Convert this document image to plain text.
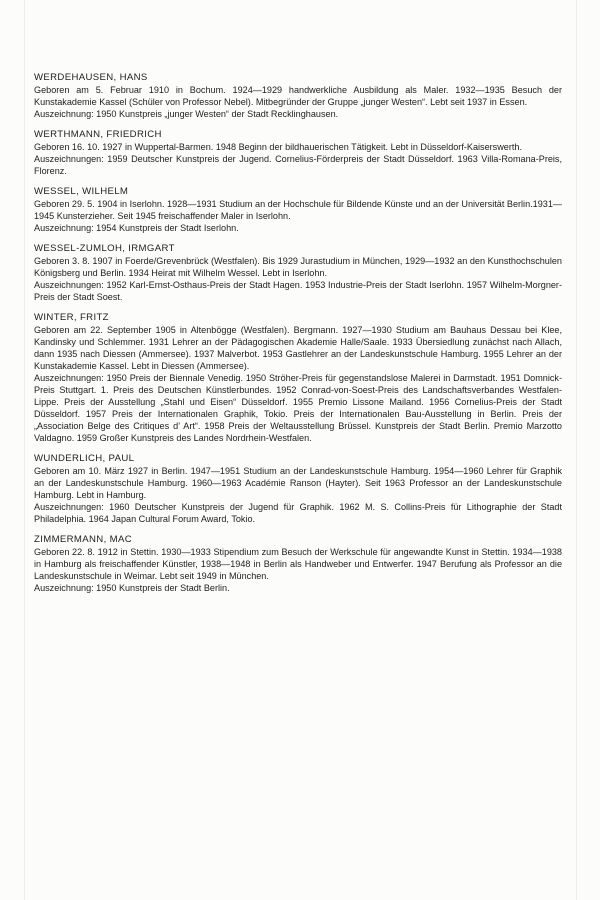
WERDEHAUSEN, HANS
Geboren am 5. Februar 1910 in Bochum. 1924—1929 handwerkliche Ausbildung als Maler. 1932—1935 Besuch der Kunstakademie Kassel (Schüler von Professor Nebel). Mitbegründer der Gruppe „junger Westen“. Lebt seit 1937 in Essen.
Auszeichnung: 1950 Kunstpreis „junger Westen“ der Stadt Recklinghausen.
WERTHMANN, FRIEDRICH
Geboren 16. 10. 1927 in Wuppertal-Barmen. 1948 Beginn der bildhauerischen Tätigkeit. Lebt in Düsseldorf-Kaiserswerth.
Auszeichnungen: 1959 Deutscher Kunstpreis der Jugend. Cornelius-Förderpreis der Stadt Düsseldorf. 1963 Villa-Romana-Preis, Florenz.
WESSEL, WILHELM
Geboren 29. 5. 1904 in Iserlohn. 1928—1931 Studium an der Hochschule für Bildende Künste und an der Universität Berlin.1931—1945 Kunsterzieher. Seit 1945 freischaffender Maler in Iserlohn.
Auszeichnung: 1954 Kunstpreis der Stadt Iserlohn.
WESSEL-ZUMLOH, IRMGART
Geboren 3. 8. 1907 in Foerde/Grevenbrück (Westfalen). Bis 1929 Jurastudium in München, 1929—1932 an den Kunsthochschulen Königsberg und Berlin. 1934 Heirat mit Wilhelm Wessel. Lebt in Iserlohn.
Auszeichnungen: 1952 Karl-Ernst-Osthaus-Preis der Stadt Hagen. 1953 Industrie-Preis der Stadt Iserlohn. 1957 Wilhelm-Morgner-Preis der Stadt Soest.
WINTER, FRITZ
Geboren am 22. September 1905 in Altenbögge (Westfalen). Bergmann. 1927—1930 Studium am Bauhaus Dessau bei Klee, Kandinsky und Schlemmer. 1931 Lehrer an der Pädagogischen Akademie Halle/Saale. 1933 Übersiedlung zunächst nach Allach, dann 1935 nach Diessen (Ammersee). 1937 Malverbot. 1953 Gastlehrer an der Landeskunstschule Hamburg. 1955 Lehrer an der Kunstakademie Kassel. Lebt in Diessen (Ammersee).
Auszeichnungen: 1950 Preis der Biennale Venedig. 1950 Ströher-Preis für gegenstandslose Malerei in Darmstadt. 1951 Domnick-Preis Stuttgart. 1. Preis des Deutschen Künstlerbundes. 1952 Conrad-von-Soest-Preis des Landschaftsverbandes Westfalen-Lippe. Preis der Ausstellung „Stahl und Eisen“ Düsseldorf. 1955 Premio Lissone Mailand. 1956 Cornelius-Preis der Stadt Düsseldorf. 1957 Preis der Internationalen Graphik, Tokio. Preis der Internationalen Bau-Ausstellung in Berlin. Preis der „Association Belge des Critiques d’ Art“. 1958 Preis der Weltausstellung Brüssel. Kunstpreis der Stadt Berlin. Premio Marzotto Valdagno. 1959 Großer Kunstpreis des Landes Nordrhein-Westfalen.
WUNDERLICH, PAUL
Geboren am 10. März 1927 in Berlin. 1947—1951 Studium an der Landeskunstschule Hamburg. 1954—1960 Lehrer für Graphik an der Landeskunstschule Hamburg. 1960—1963 Académie Ranson (Hayter). Seit 1963 Professor an der Landeskunstschule Hamburg. Lebt in Hamburg.
Auszeichnungen: 1960 Deutscher Kunstpreis der Jugend für Graphik. 1962 M. S. Collins-Preis für Lithographie der Stadt Philadelphia. 1964 Japan Cultural Forum Award, Tokio.
ZIMMERMANN, MAC
Geboren 22. 8. 1912 in Stettin. 1930—1933 Stipendium zum Besuch der Werkschule für angewandte Kunst in Stettin. 1934—1938 in Hamburg als freischaffender Künstler, 1938—1948 in Berlin als Handweber und Entwerfer. 1947 Berufung als Professor an die Landeskunstschule in Weimar. Lebt seit 1949 in München.
Auszeichnung: 1950 Kunstpreis der Stadt Berlin.
